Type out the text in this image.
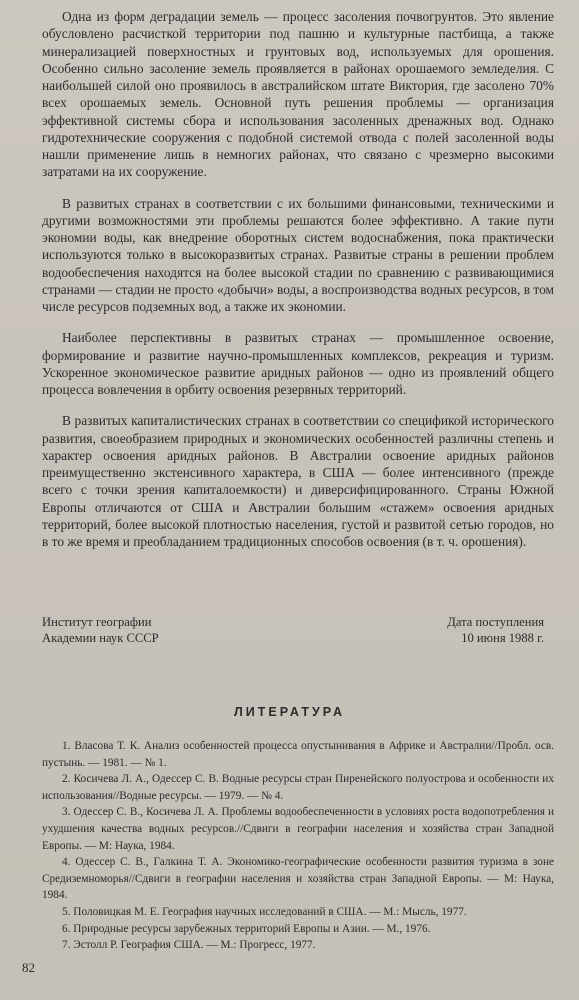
Одна из форм деградации земель — процесс засоления почвогрунтов. Это явление обусловлено расчисткой территории под пашню и культурные пастбища, а также минерализацией поверхностных и грунтовых вод, используемых для орошения. Особенно сильно засоление земель проявляется в районах орошаемого земледелия. С наибольшей силой оно проявилось в австралийском штате Виктория, где засолено 70% всех орошаемых земель. Основной путь решения проблемы — организация эффективной системы сбора и использования засоленных дренажных вод. Однако гидротехнические сооружения с подобной системой отвода с полей засоленной воды нашли применение лишь в немногих районах, что связано с чрезмерно высокими затратами на их сооружение.

В развитых странах в соответствии с их большими финансовыми, техническими и другими возможностями эти проблемы решаются более эффективно. А такие пути экономии воды, как внедрение оборотных систем водоснабжения, пока практически используются только в высокоразвитых странах. Развитые страны в решении проблем водообеспечения находятся на более высокой стадии по сравнению с развивающимися странами — стадии не просто «добычи» воды, а воспроизводства водных ресурсов, в том числе ресурсов подземных вод, а также их экономии.

Наиболее перспективны в развитых странах — промышленное освоение, формирование и развитие научно-промышленных комплексов, рекреация и туризм. Ускоренное экономическое развитие аридных районов — одно из проявлений общего процесса вовлечения в орбиту освоения резервных территорий.

В развитых капиталистических странах в соответствии со спецификой исторического развития, своеобразием природных и экономических особенностей различны степень и характер освоения аридных районов. В Австралии освоение аридных районов преимущественно экстенсивного характера, в США — более интенсивного (прежде всего с точки зрения капиталоемкости) и диверсифицированного. Страны Южной Европы отличаются от США и Австралии большим «стажем» освоения аридных территорий, более высокой плотностью населения, густой и развитой сетью городов, но в то же время и преобладанием традиционных способов освоения (в т. ч. орошения).

Институт географии
Академии наук СССР
Дата поступления
10 июня 1988 г.
ЛИТЕРАТУРА

1. Власова Т. К. Анализ особенностей процесса опустынивания в Африке и Австралии//Пробл. осв. пустынь. — 1981. — № 1.

2. Косичева Л. А., Одессер С. В. Водные ресурсы стран Пиренейского полуострова и особенности их использования//Водные ресурсы. — 1979. — № 4.

3. Одессер С. В., Косичева Л. А. Проблемы водообеспеченности в условиях роста водопотребления и ухудшения качества водных ресурсов.//Сдвиги в географии населения и хозяйства стран Западной Европы. — М: Наука, 1984.

4. Одессер С. В., Галкина Т. А. Экономико-географические особенности развития туризма в зоне Средиземноморья//Сдвиги в географии населения и хозяйства стран Западной Европы. — М: Наука, 1984.

5. Половицкая М. Е. География научных исследований в США. — М.: Мысль, 1977.

6. Природные ресурсы зарубежных территорий Европы и Азии. — М., 1976.

7. Эстолл Р. География США. — М.: Прогресс, 1977.

82
